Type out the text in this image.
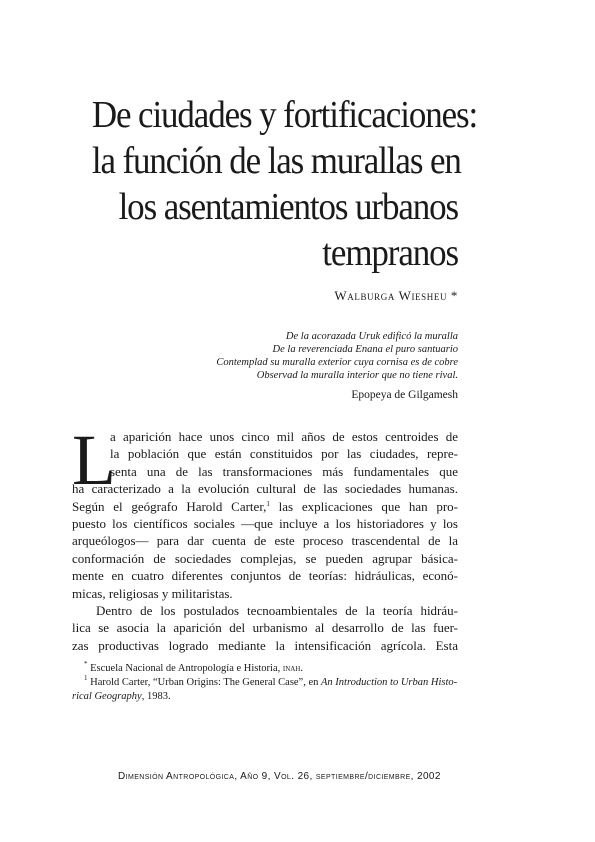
De ciudades y fortificaciones:
la función de las murallas en
los asentamientos urbanos
tempranos
Walburga Wiesheu *
De la acorazada Uruk edificó la muralla
De la reverenciada Enana el puro santuario
Contemplad su muralla exterior cuya cornisa es de cobre
Observad la muralla interior que no tiene rival.
Epopeya de Gilgamesh
L
a aparición hace unos cinco mil años de estos centroides de
la población que están constituidos por las ciudades, repre-
senta una de las transformaciones más fundamentales que
ha caracterizado a la evolución cultural de las sociedades humanas.
Según el geógrafo Harold Carter,$^1$ las explicaciones que han pro-
puesto los científicos sociales —que incluye a los historiadores y los
arqueólogos— para dar cuenta de este proceso trascendental de la
conformación de sociedades complejas, se pueden agrupar básica-
mente en cuatro diferentes conjuntos de teorías: hidráulicas, econó-
micas, religiosas y militaristas.
Dentro de los postulados tecnoambientales de la teoría hidráu-
lica se asocia la aparición del urbanismo al desarrollo de las fuer-
zas productivas logrado mediante la intensificación agrícola. Esta
* Escuela Nacional de Antropología e Historia, inah.
$^1$ Harold Carter, “Urban Origins: The General Case”, en An Introduction to Urban Histo-
rical Geography, 1983.
Dimensión Antropológica, Año 9, Vol. 26, septiembre/diciembre, 2002
